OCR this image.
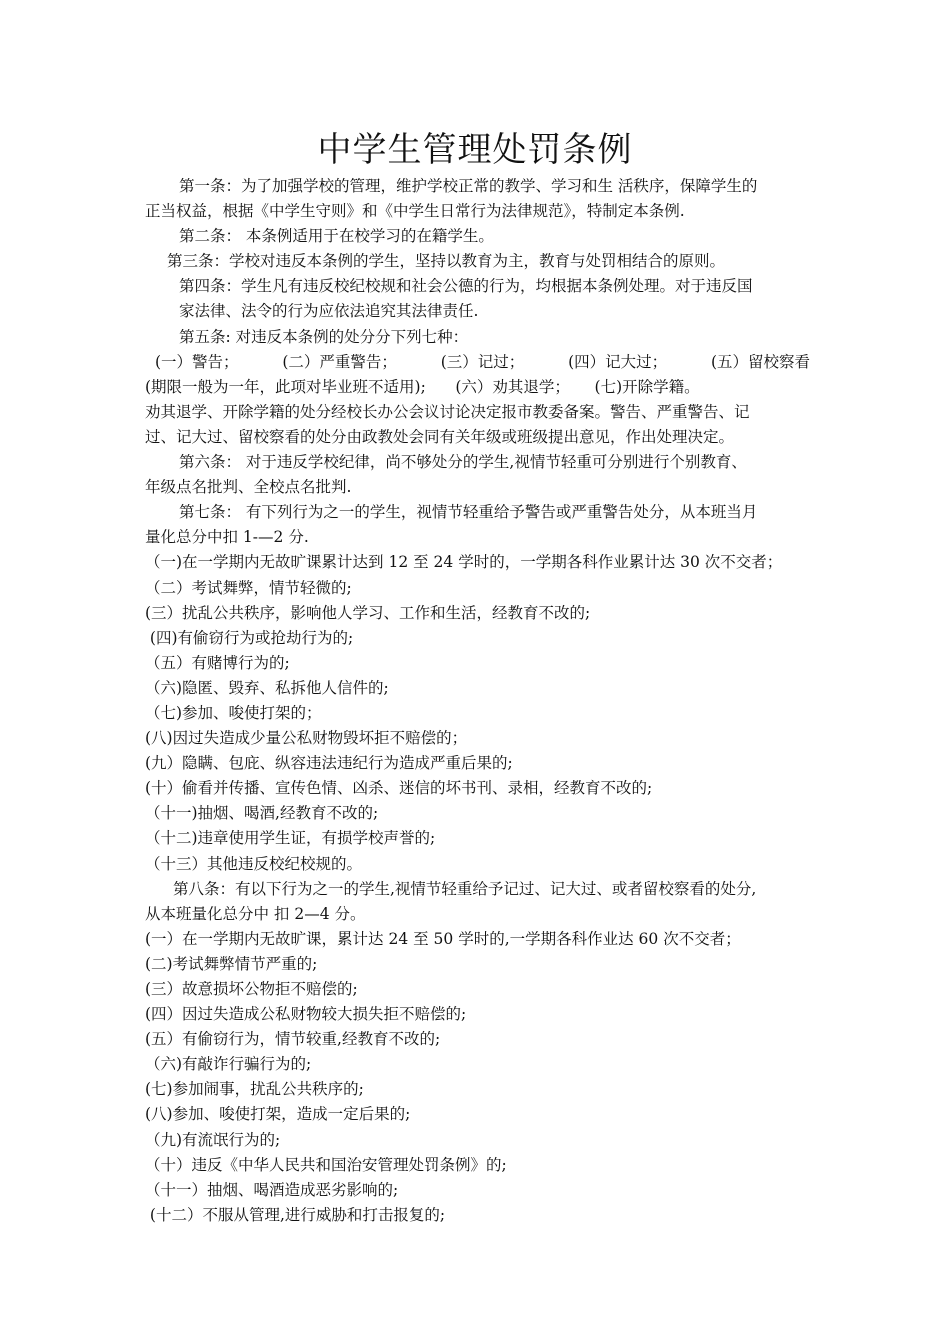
中学生管理处罚条例
第一条：为了加强学校的管理，维护学校正常的教学、学习和生 活秩序，保障学生的
正当权益，根据《中学生守则》和《中学生日常行为法律规范》，特制定本条例.
第二条： 本条例适用于在校学习的在籍学生。
第三条：学校对违反本条例的学生，坚持以教育为主，教育与处罚相结合的原则。
第四条：学生凡有违反校纪校规和社会公德的行为，均根据本条例处理。对于违反国
家法律、法令的行为应依法追究其法律责任.
第五条: 对违反本条例的处分分下列七种：
(一）警告；	(二）严重警告；	(三）记过；	(四）记大过；	(五）留校察看
(期限一般为一年，此项对毕业班不适用);      (六）劝其退学；     (七)开除学籍。
劝其退学、开除学籍的处分经校长办公会议讨论决定报市教委备案。警告、严重警告、记
过、记大过、留校察看的处分由政教处会同有关年级或班级提出意见，作出处理决定。
第六条： 对于违反学校纪律，尚不够处分的学生,视情节轻重可分别进行个别教育、
年级点名批判、全校点名批判.
第七条： 有下列行为之一的学生，视情节轻重给予警告或严重警告处分，从本班当月
量化总分中扣 1-—2 分.
（一)在一学期内无故旷课累计达到 12 至 24 学时的，一学期各科作业累计达 30 次不交者；
（二）考试舞弊，情节轻微的;
(三）扰乱公共秩序，影响他人学习、工作和生活，经教育不改的;
(四)有偷窃行为或抢劫行为的;
（五）有赌博行为的;
（六)隐匿、毁弃、私拆他人信件的;
（七)参加、唆使打架的；
(八)因过失造成少量公私财物毁坏拒不赔偿的；
(九）隐瞒、包庇、纵容违法违纪行为造成严重后果的;
(十）偷看并传播、宣传色情、凶杀、迷信的坏书刊、录相，经教育不改的;
（十一)抽烟、喝酒,经教育不改的;
（十二)违章使用学生证，有损学校声誉的;
（十三）其他违反校纪校规的。
第八条：有以下行为之一的学生,视情节轻重给予记过、记大过、或者留校察看的处分,
从本班量化总分中 扣 2—4 分。
(一）在一学期内无故旷课，累计达 24 至 50 学时的,一学期各科作业达 60 次不交者；
(二)考试舞弊情节严重的;
(三）故意损坏公物拒不赔偿的;
(四）因过失造成公私财物较大损失拒不赔偿的;
(五）有偷窃行为，情节较重,经教育不改的;
（六)有敲诈行骗行为的;
(七)参加闹事，扰乱公共秩序的;
(八)参加、唆使打架，造成一定后果的;
（九)有流氓行为的;
（十）违反《中华人民共和国治安管理处罚条例》的;
（十一）抽烟、喝酒造成恶劣影响的;
(十二）不服从管理,进行威胁和打击报复的;
